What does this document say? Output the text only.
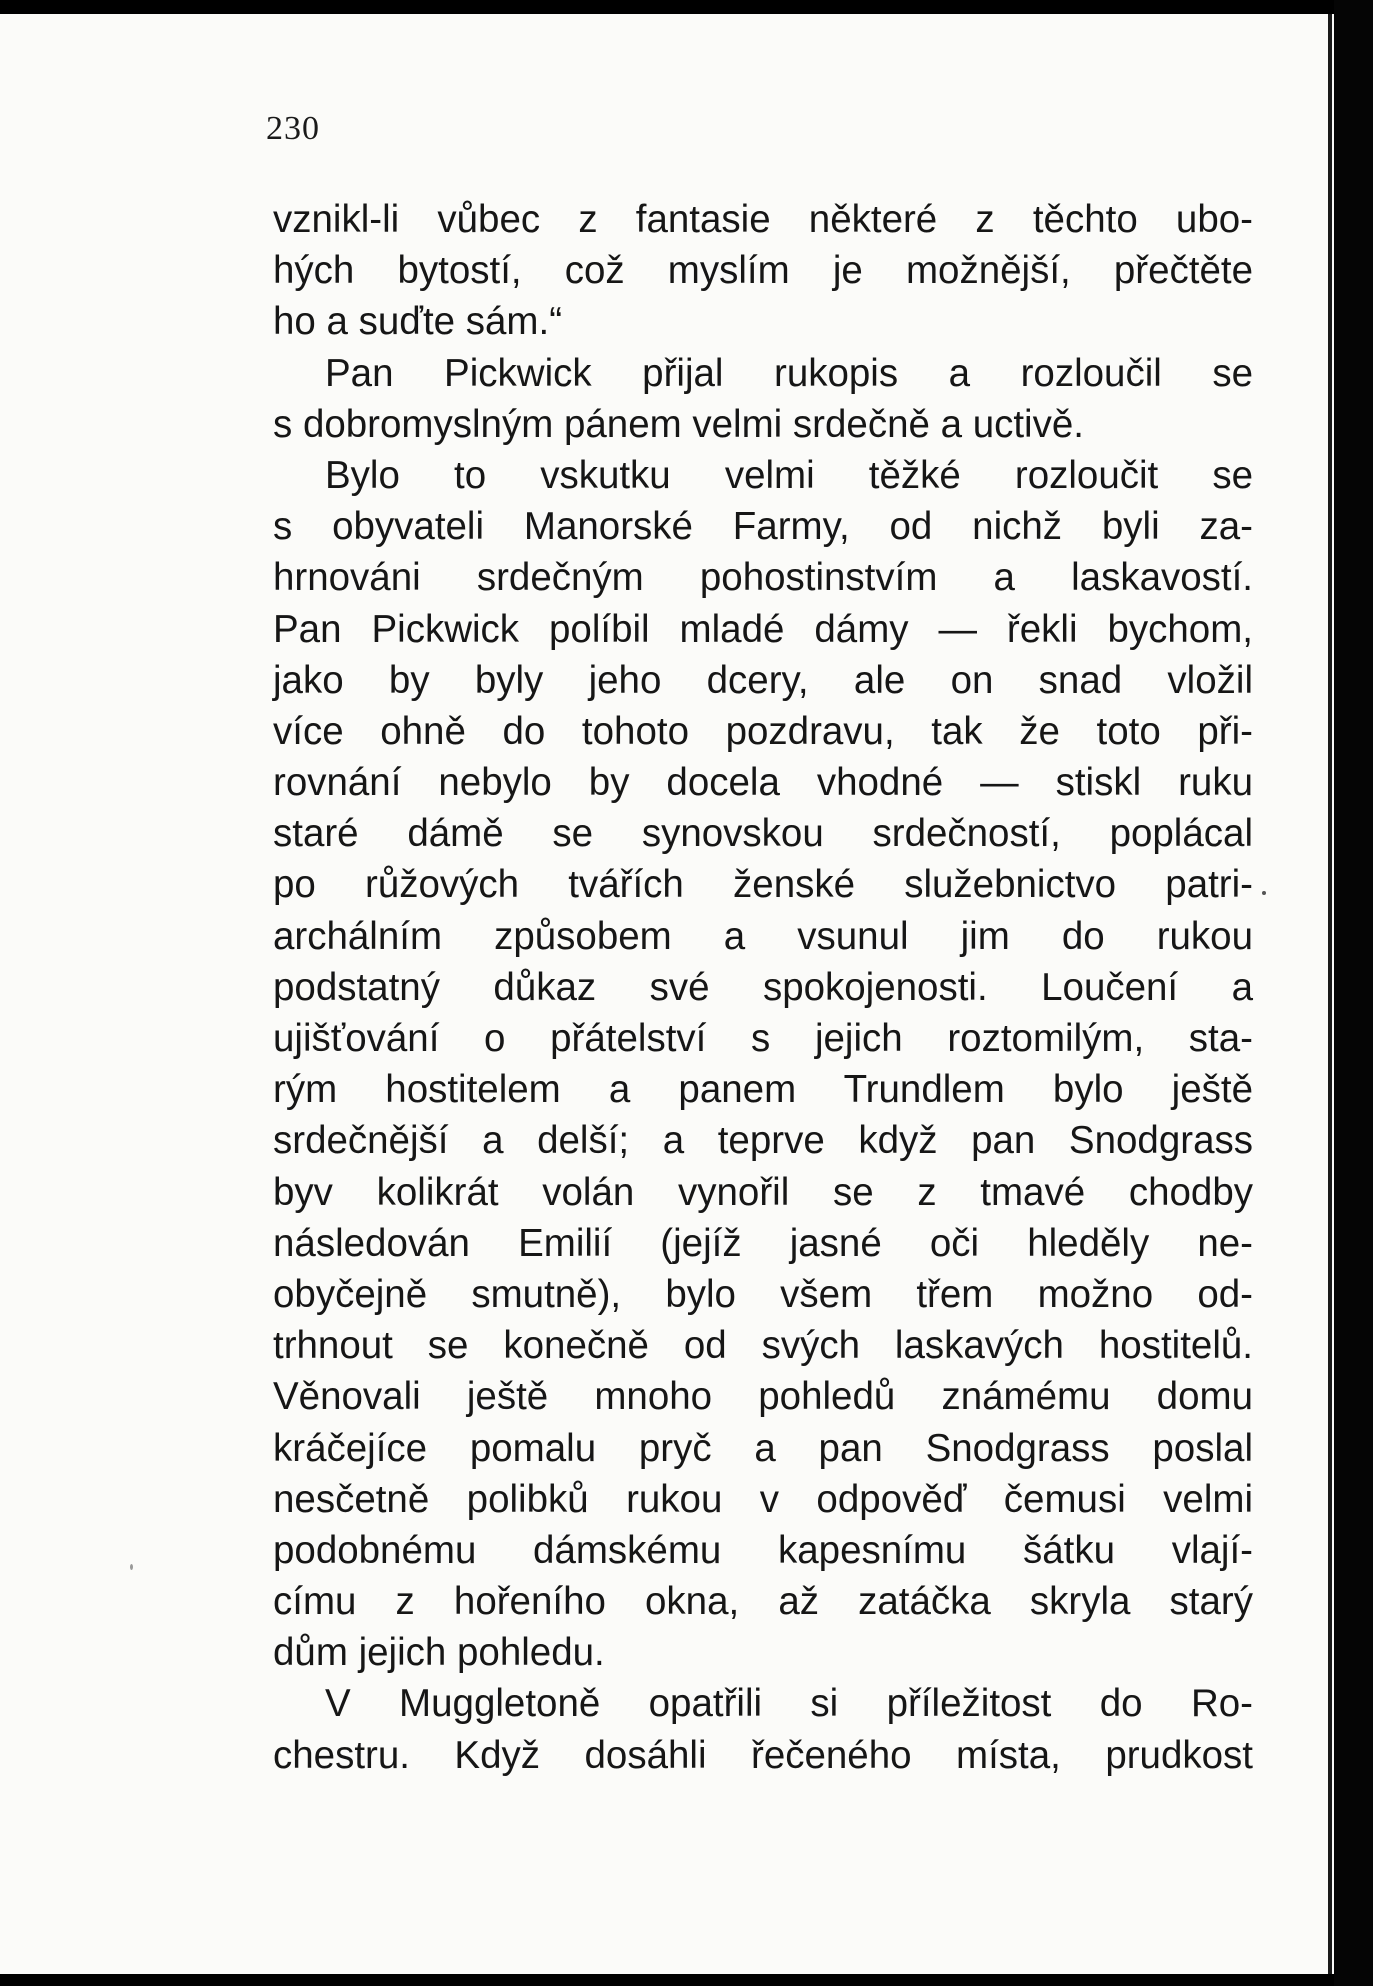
230
vznikl-li vůbec z fantasie některé z těchto ubo-
hých bytostí, což myslím je možnější, přečtěte
ho a suďte sám.“
Pan Pickwick přijal rukopis a rozloučil se
s dobromyslným pánem velmi srdečně a uctivě.
Bylo to vskutku velmi těžké rozloučit se
s obyvateli Manorské Farmy, od nichž byli za-
hrnováni srdečným pohostinstvím a laskavostí.
Pan Pickwick políbil mladé dámy — řekli bychom,
jako by byly jeho dcery, ale on snad vložil
více ohně do tohoto pozdravu, tak že toto při-
rovnání nebylo by docela vhodné — stiskl ruku
staré dámě se synovskou srdečností, poplácal
po růžových tvářích ženské služebnictvo patri-
archálním způsobem a vsunul jim do rukou
podstatný důkaz své spokojenosti. Loučení a
ujišťování o přátelství s jejich roztomilým, sta-
rým hostitelem a panem Trundlem bylo ještě
srdečnější a delší; a teprve když pan Snodgrass
byv kolikrát volán vynořil se z tmavé chodby
následován Emilií (jejíž jasné oči hleděly ne-
obyčejně smutně), bylo všem třem možno od-
trhnout se konečně od svých laskavých hostitelů.
Věnovali ještě mnoho pohledů známému domu
kráčejíce pomalu pryč a pan Snodgrass poslal
nesčetně polibků rukou v odpověď čemusi velmi
podobnému dámskému kapesnímu šátku vlají-
címu z hořeního okna, až zatáčka skryla starý
dům jejich pohledu.
V Muggletoně opatřili si příležitost do Ro-
chestru. Když dosáhli řečeného místa, prudkost
